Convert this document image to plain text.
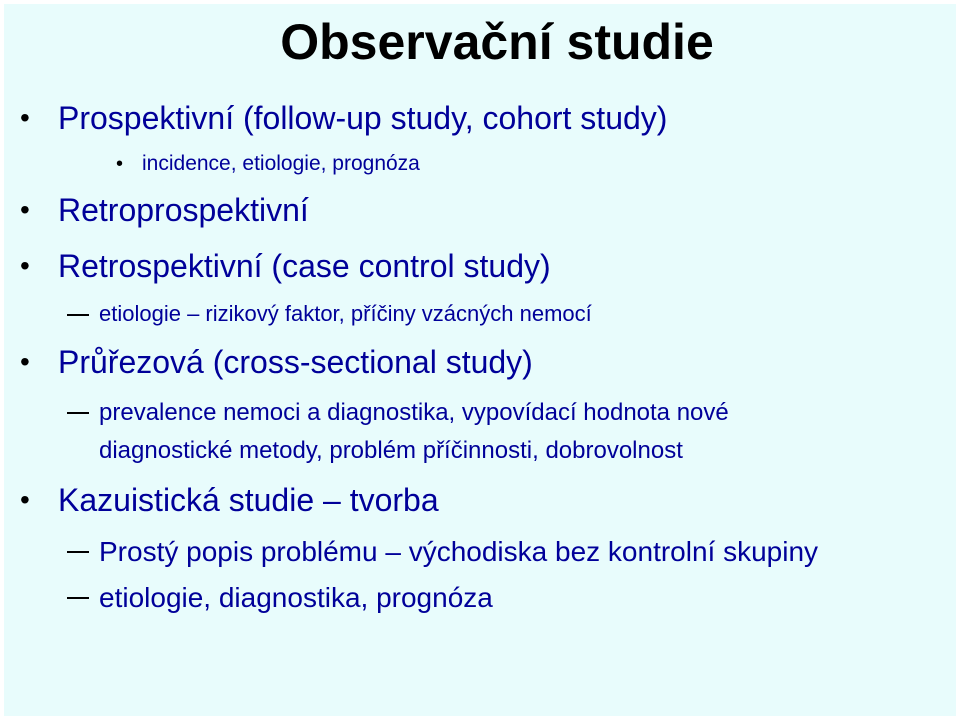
Observační studie
• Prospektivní (follow-up study, cohort study)
• incidence, etiologie, prognóza
• Retroprospektivní
• Retrospektivní (case control study)
etiologie – rizikový faktor, příčiny vzácných nemocí
• Průřezová (cross-sectional study)
prevalence nemoci a diagnostika, vypovídací hodnota nové
diagnostické metody, problém příčinnosti, dobrovolnost
• Kazuistická studie – tvorba
Prostý popis problému – východiska bez kontrolní skupiny
etiologie, diagnostika, prognóza
